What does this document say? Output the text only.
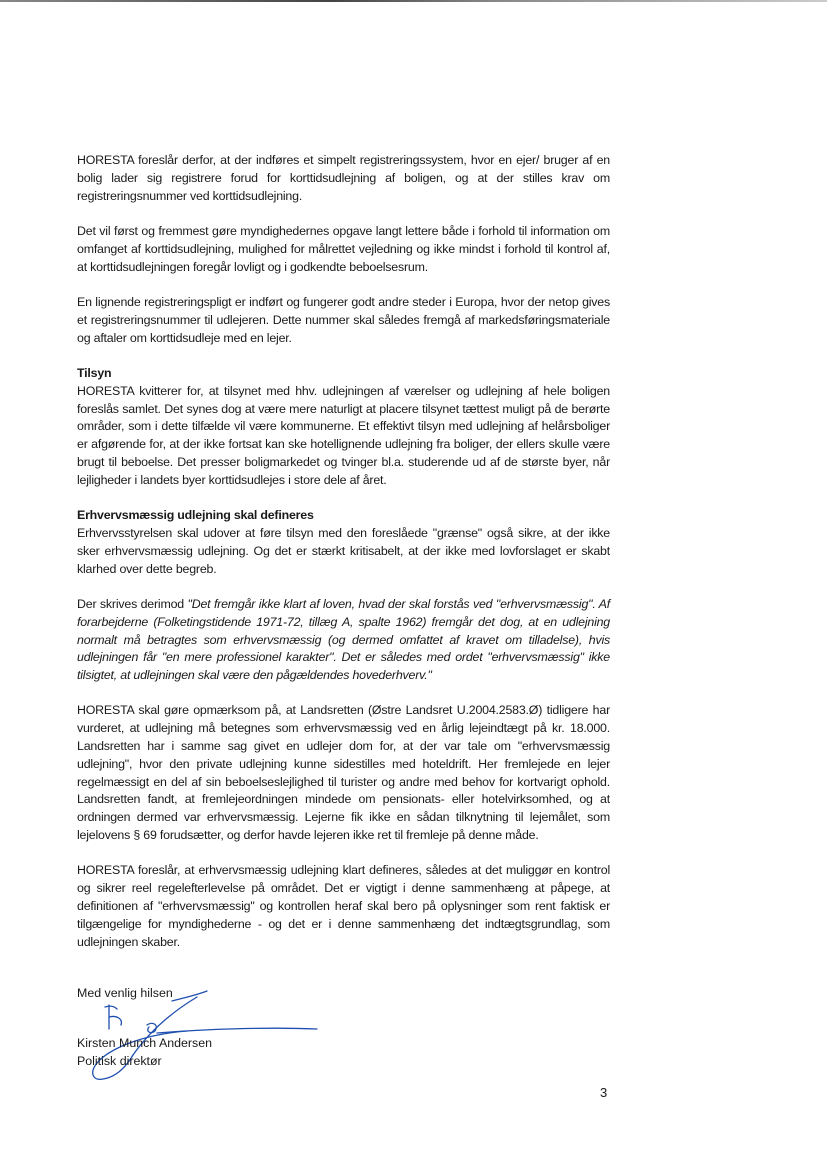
HORESTA foreslår derfor, at der indføres et simpelt registreringssystem, hvor en ejer/ bruger af en bolig lader sig registrere forud for korttidsudlejning af boligen, og at der stilles krav om registreringsnummer ved korttidsudlejning.

Det vil først og fremmest gøre myndighedernes opgave langt lettere både i forhold til information om omfanget af korttidsudlejning, mulighed for målrettet vejledning og ikke mindst i forhold til kontrol af, at korttidsudlejningen foregår lovligt og i godkendte beboelsesrum.

En lignende registreringspligt er indført og fungerer godt andre steder i Europa, hvor der netop gives et registreringsnummer til udlejeren. Dette nummer skal således fremgå af markedsføringsmateriale og aftaler om korttidsudleje med en lejer.

Tilsyn

HORESTA kvitterer for, at tilsynet med hhv. udlejningen af værelser og udlejning af hele boligen foreslås samlet. Det synes dog at være mere naturligt at placere tilsynet tættest muligt på de berørte områder, som i dette tilfælde vil være kommunerne. Et effektivt tilsyn med udlejning af helårsboliger er afgørende for, at der ikke fortsat kan ske hotellignende udlejning fra boliger, der ellers skulle være brugt til beboelse. Det presser boligmarkedet og tvinger bl.a. studerende ud af de største byer, når lejligheder i landets byer korttidsudlejes i store dele af året.

Erhvervsmæssig udlejning skal defineres

Erhvervsstyrelsen skal udover at føre tilsyn med den foreslåede "grænse" også sikre, at der ikke sker erhvervsmæssig udlejning. Og det er stærkt kritisabelt, at der ikke med lovforslaget er skabt klarhed over dette begreb.

Der skrives derimod "Det fremgår ikke klart af loven, hvad der skal forstås ved "erhvervsmæssig". Af forarbejderne (Folketingstidende 1971-72, tillæg A, spalte 1962) fremgår det dog, at en udlejning normalt må betragtes som erhvervsmæssig (og dermed omfattet af kravet om tilladelse), hvis udlejningen får "en mere professionel karakter". Det er således med ordet "erhvervsmæssig" ikke tilsigtet, at udlejningen skal være den pågældendes hovederhverv."

HORESTA skal gøre opmærksom på, at Landsretten (Østre Landsret U.2004.2583.Ø) tidligere har vurderet, at udlejning må betegnes som erhvervsmæssig ved en årlig lejeindtægt på kr. 18.000. Landsretten har i samme sag givet en udlejer dom for, at der var tale om "erhvervsmæssig udlejning", hvor den private udlejning kunne sidestilles med hoteldrift. Her fremlejede en lejer regelmæssigt en del af sin beboelseslejlighed til turister og andre med behov for kortvarigt ophold. Landsretten fandt, at fremlejeordningen mindede om pensionats- eller hotelvirksomhed, og at ordningen dermed var erhvervsmæssig. Lejerne fik ikke en sådan tilknytning til lejemålet, som lejelovens § 69 forudsætter, og derfor havde lejeren ikke ret til fremleje på denne måde.

HORESTA foreslår, at erhvervsmæssig udlejning klart defineres, således at det muliggør en kontrol og sikrer reel regelefterlevelse på området. Det er vigtigt i denne sammenhæng at påpege, at definitionen af "erhvervsmæssig" og kontrollen heraf skal bero på oplysninger som rent faktisk er tilgængelige for myndighederne - og det er i denne sammenhæng det indtægtsgrundlag, som udlejningen skaber.

Med venlig hilsen
Kirsten Munch Andersen
Politisk direktør
3
